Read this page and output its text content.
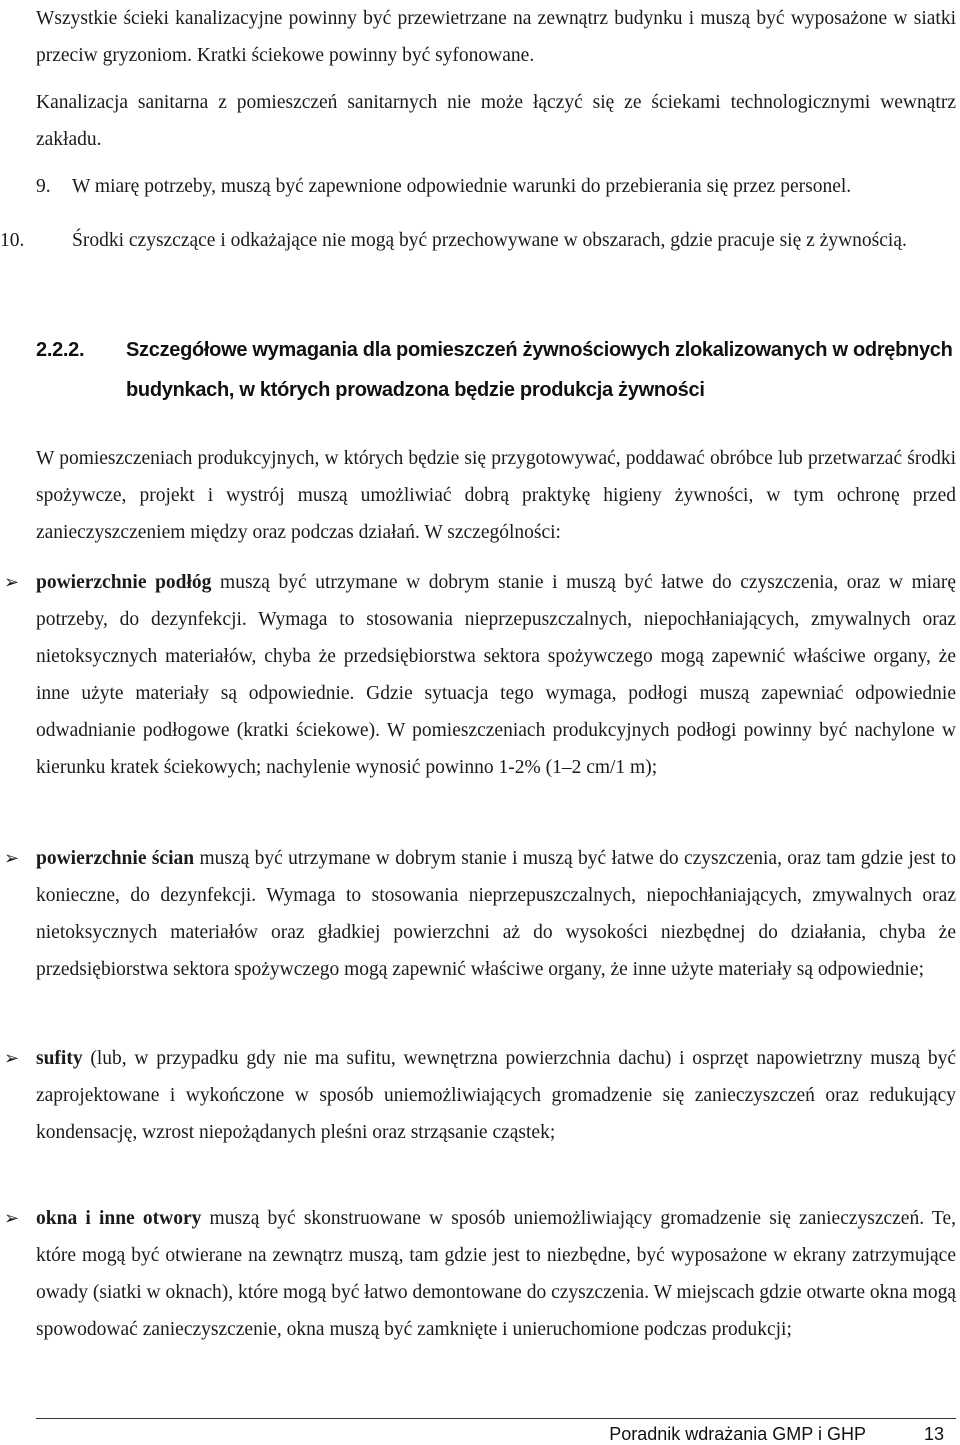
Wszystkie ścieki kanalizacyjne powinny być przewietrzane na zewnątrz budynku i muszą być wyposażone w siatki przeciw gryzoniom. Kratki ściekowe powinny być syfonowane.

Kanalizacja sanitarna z pomieszczeń sanitarnych nie może łączyć się ze ściekami technologicznymi wewnątrz zakładu.

9. W miarę potrzeby, muszą być zapewnione odpowiednie warunki do przebierania się przez personel.
10. Środki czyszczące i odkażające nie mogą być przechowywane w obszarach, gdzie pracuje się z żywnością.
2.2.2. Szczegółowe wymagania dla pomieszczeń żywnościowych zlokalizowanych w odrębnych budynkach, w których prowadzona będzie produkcja żywności

W pomieszczeniach produkcyjnych, w których będzie się przygotowywać, poddawać obróbce lub przetwarzać środki spożywcze, projekt i wystrój muszą umożliwiać dobrą praktykę higieny żywności, w tym ochronę przed zanieczyszczeniem między oraz podczas działań. W szczególności:

➢ powierzchnie podłóg muszą być utrzymane w dobrym stanie i muszą być łatwe do czyszczenia, oraz w miarę potrzeby, do dezynfekcji. Wymaga to stosowania nieprzepuszczalnych, niepochłaniających, zmywalnych oraz nietoksycznych materiałów, chyba że przedsiębiorstwa sektora spożywczego mogą zapewnić właściwe organy, że inne użyte materiały są odpowiednie. Gdzie sytuacja tego wymaga, podłogi muszą zapewniać odpowiednie odwadnianie podłogowe (kratki ściekowe). W pomieszczeniach produkcyjnych podłogi powinny być nachylone w kierunku kratek ściekowych; nachylenie wynosić powinno 1-2% (1–2 cm/1 m);
➢ powierzchnie ścian muszą być utrzymane w dobrym stanie i muszą być łatwe do czyszczenia, oraz tam gdzie jest to konieczne, do dezynfekcji. Wymaga to stosowania nieprzepuszczalnych, niepochłaniających, zmywalnych oraz nietoksycznych materiałów oraz gładkiej powierzchni aż do wysokości niezbędnej do działania, chyba że przedsiębiorstwa sektora spożywczego mogą zapewnić właściwe organy, że inne użyte materiały są odpowiednie;
➢ sufity (lub, w przypadku gdy nie ma sufitu, wewnętrzna powierzchnia dachu) i osprzęt napowietrzny muszą być zaprojektowane i wykończone w sposób uniemożliwiających gromadzenie się zanieczyszczeń oraz redukujący kondensację, wzrost niepożądanych pleśni oraz strząsanie cząstek;
➢ okna i inne otwory muszą być skonstruowane w sposób uniemożliwiający gromadzenie się zanieczyszczeń. Te, które mogą być otwierane na zewnątrz muszą, tam gdzie jest to niezbędne, być wyposażone w ekrany zatrzymujące owady (siatki w oknach), które mogą być łatwo demontowane do czyszczenia. W miejscach gdzie otwarte okna mogą spowodować zanieczyszczenie, okna muszą być zamknięte i unieruchomione podczas produkcji;
Poradnik wdrażania GMP i GHP	13
